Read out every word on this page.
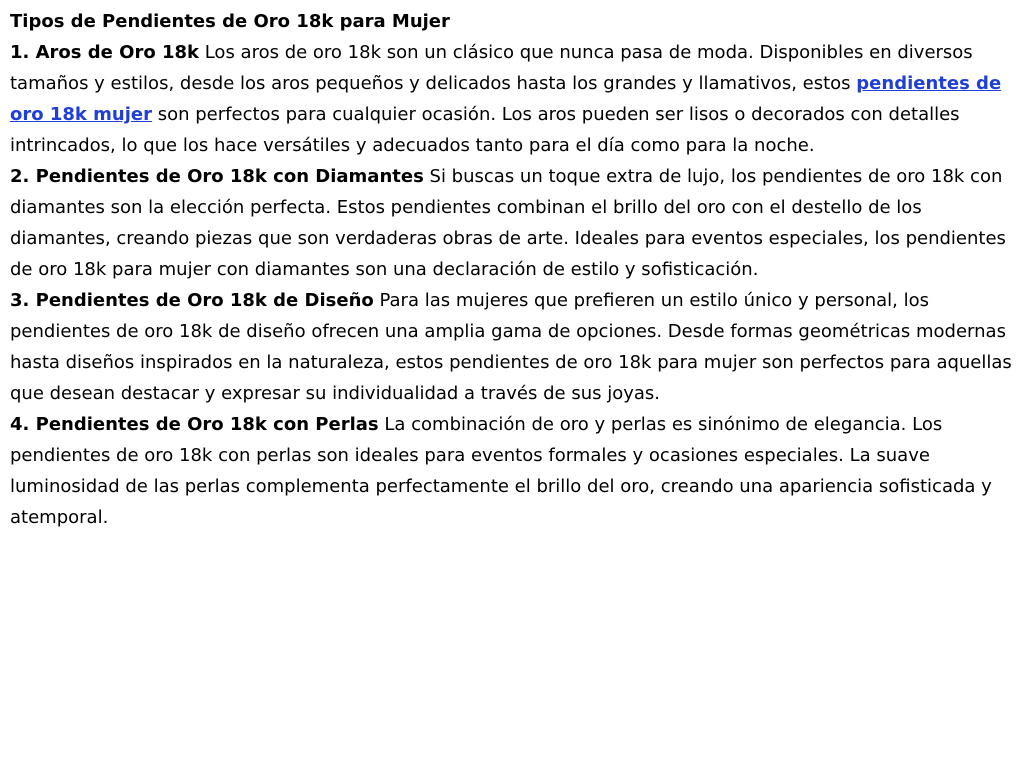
Tipos de Pendientes de Oro 18k para Mujer

1. Aros de Oro 18k Los aros de oro 18k son un clásico que nunca pasa de moda. Disponibles en diversos tamaños y estilos, desde los aros pequeños y delicados hasta los grandes y llamativos, estos pendientes de oro 18k mujer son perfectos para cualquier ocasión. Los aros pueden ser lisos o decorados con detalles intrincados, lo que los hace versátiles y adecuados tanto para el día como para la noche.

2. Pendientes de Oro 18k con Diamantes Si buscas un toque extra de lujo, los pendientes de oro 18k con diamantes son la elección perfecta. Estos pendientes combinan el brillo del oro con el destello de los diamantes, creando piezas que son verdaderas obras de arte. Ideales para eventos especiales, los pendientes de oro 18k para mujer con diamantes son una declaración de estilo y sofisticación.

3. Pendientes de Oro 18k de Diseño Para las mujeres que prefieren un estilo único y personal, los pendientes de oro 18k de diseño ofrecen una amplia gama de opciones. Desde formas geométricas modernas hasta diseños inspirados en la naturaleza, estos pendientes de oro 18k para mujer son perfectos para aquellas que desean destacar y expresar su individualidad a través de sus joyas.

4. Pendientes de Oro 18k con Perlas La combinación de oro y perlas es sinónimo de elegancia. Los pendientes de oro 18k con perlas son ideales para eventos formales y ocasiones especiales. La suave luminosidad de las perlas complementa perfectamente el brillo del oro, creando una apariencia sofisticada y atemporal.
